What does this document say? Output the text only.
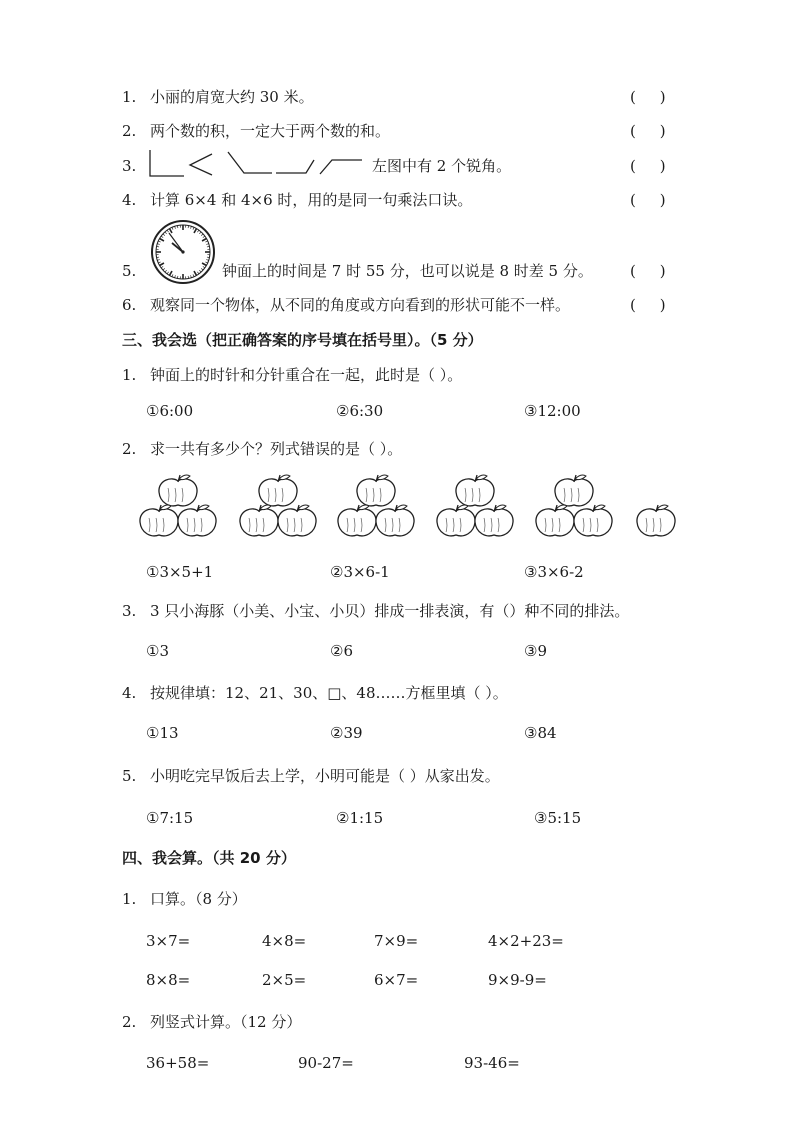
1. 小丽的肩宽大约 30 米。	(     )
2. 两个数的积，一定大于两个数的和。	(     )
3.	左图中有 2 个锐角。	(     )
4. 计算 6×4 和 4×6 时，用的是同一句乘法口诀。	(     )
5.	钟面上的时间是 7 时 55 分，也可以说是 8 时差 5 分。 (     )
6. 观察同一个物体，从不同的角度或方向看到的形状可能不一样。	(     )
三、我会选（把正确答案的序号填在括号里）。（5 分）
1. 钟面上的时针和分针重合在一起，此时是（ ）。
①6:00	②6:30	③12:00
2. 求一共有多少个？列式错误的是（ ）。
①3×5+1	②3×6-1	③3×6-2
3. 3 只小海豚（小美、小宝、小贝）排成一排表演，有（）种不同的排法。
①3	②6	③9
4. 按规律填：12、21、30、□、48……方框里填（ ）。
①13	②39	③84
5. 小明吃完早饭后去上学，小明可能是（ ）从家出发。
①7:15	②1:15	③5:15
四、我会算。（共 20 分）
1. 口算。（8 分）
3×7=	4×8=	7×9=	4×2+23=
8×8=	2×5=	6×7=	9×9-9=
2. 列竖式计算。（12 分）
36+58=	90-27=	93-46=
